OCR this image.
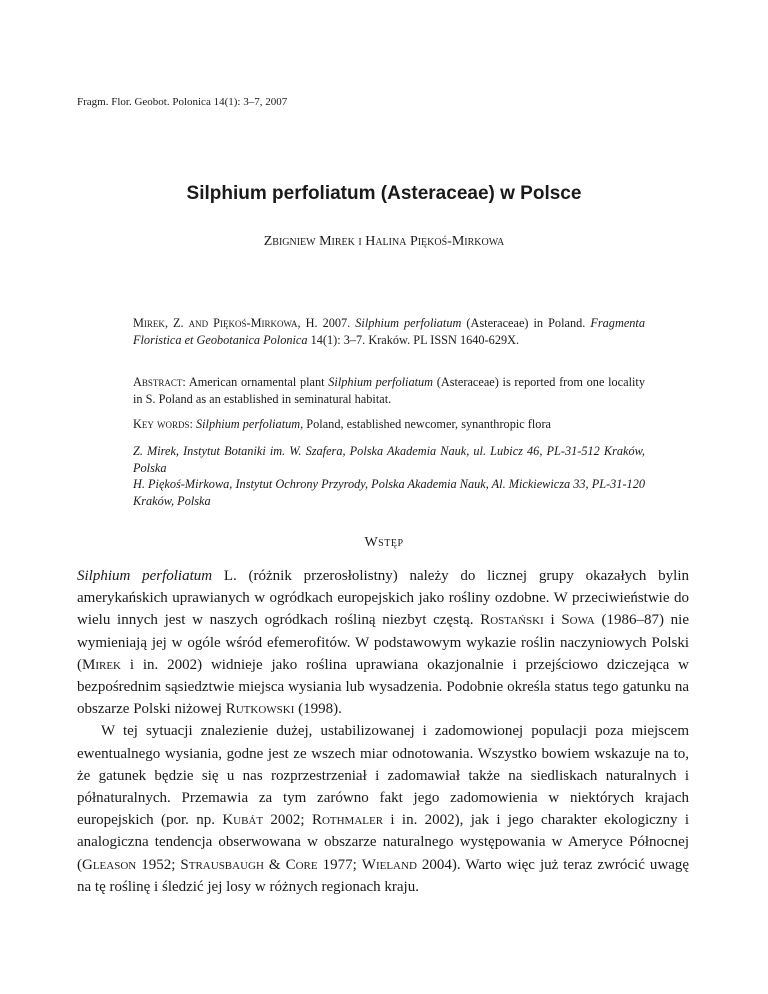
Fragm. Flor. Geobot. Polonica 14(1): 3–7, 2007
Silphium perfoliatum (Asteraceae) w Polsce
Zbigniew Mirek i Halina Piękoś-Mirkowa

Mirek, Z. and Piękoś-Mirkowa, H. 2007. Silphium perfoliatum (Asteraceae) in Poland. Fragmenta Floristica et Geobotanica Polonica 14(1): 3–7. Kraków. PL ISSN 1640-629X.

Abstract: American ornamental plant Silphium perfoliatum (Asteraceae) is reported from one locality in S. Poland as an established in seminatural habitat.

Key words: Silphium perfoliatum, Poland, established newcomer, synanthropic flora

Z. Mirek, Instytut Botaniki im. W. Szafera, Polska Akademia Nauk, ul. Lubicz 46, PL-31-512 Kraków, Polska

H. Piękoś-Mirkowa, Instytut Ochrony Przyrody, Polska Akademia Nauk, Al. Mickiewicza 33, PL-31-120 Kraków, Polska

Wstęp

Silphium perfoliatum L. (różnik przerosłolistny) należy do licznej grupy okazałych bylin amerykańskich uprawianych w ogródkach europejskich jako rośliny ozdobne. W przeciwieństwie do wielu innych jest w naszych ogródkach rośliną niezbyt częstą. Rostański i Sowa (1986–87) nie wymieniają jej w ogóle wśród efemerofitów. W podstawowym wykazie roślin naczyniowych Polski (Mirek i in. 2002) widnieje jako roślina uprawiana okazjonalnie i przejściowo dziczejąca w bezpośrednim sąsiedztwie miejsca wysiania lub wysadzenia. Podobnie określa status tego gatunku na obszarze Polski niżowej Rutkowski (1998).

W tej sytuacji znalezienie dużej, ustabilizowanej i zadomowionej populacji poza miejscem ewentualnego wysiania, godne jest ze wszech miar odnotowania. Wszystko bowiem wskazuje na to, że gatunek będzie się u nas rozprzestrzeniał i zadomawiał także na siedliskach naturalnych i półnaturalnych. Przemawia za tym zarówno fakt jego zadomowienia w niektórych krajach europejskich (por. np. Kubát 2002; Rothmaler i in. 2002), jak i jego charakter ekologiczny i analogiczna tendencja obserwowana w obszarze naturalnego występowania w Ameryce Północnej (Gleason 1952; Strausbaugh & Core 1977; Wieland 2004). Warto więc już teraz zwrócić uwagę na tę roślinę i śledzić jej losy w różnych regionach kraju.
